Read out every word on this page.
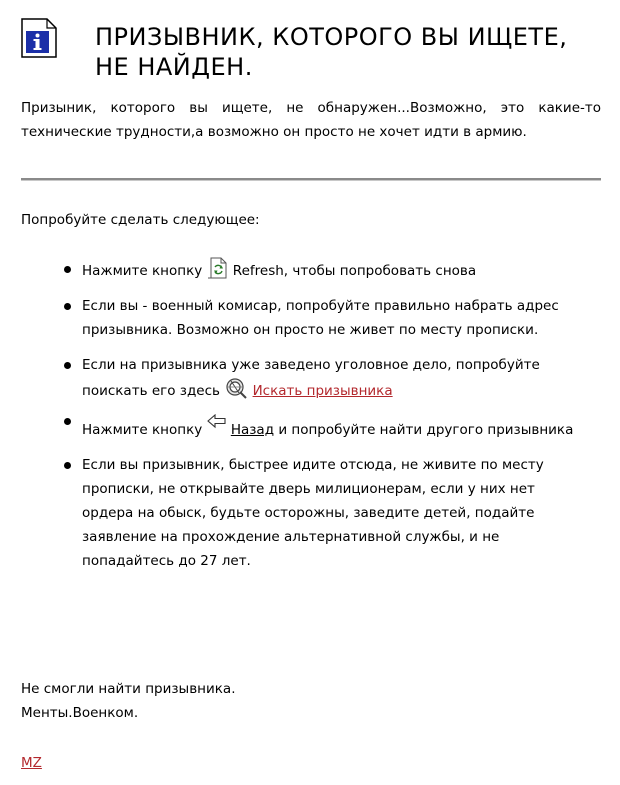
ПРИЗЫВНИК, КОТОРОГО ВЫ ИЩЕТЕ, НЕ НАЙДЕН.

Призыник, которого вы ищете, не обнаружен...Возможно, это какие-то технические трудности,а возможно он просто не хочет идти в армию.

Попробуйте сделать следующее:

Нажмите кнопку  Refresh, чтобы попробовать снова
Если вы - военный комисар, попробуйте правильно набрать адрес призывника. Возможно он просто не живет по месту прописки.
Если на призывника уже заведено уголовное дело, попробуйте поискать его здесь Искать призывника
Нажмите кнопку Назад и попробуйте найти другого призывника
Если вы призывник, быстрее идите отсюда, не живите по месту прописки, не открывайте дверь милиционерам, если у них нет ордера на обыск, будьте осторожны, заведите детей, подайте заявление на прохождение альтернативной службы, и не попадайтесь до 27 лет.

Не смогли найти призывника.
Менты.Военком.

MZ
